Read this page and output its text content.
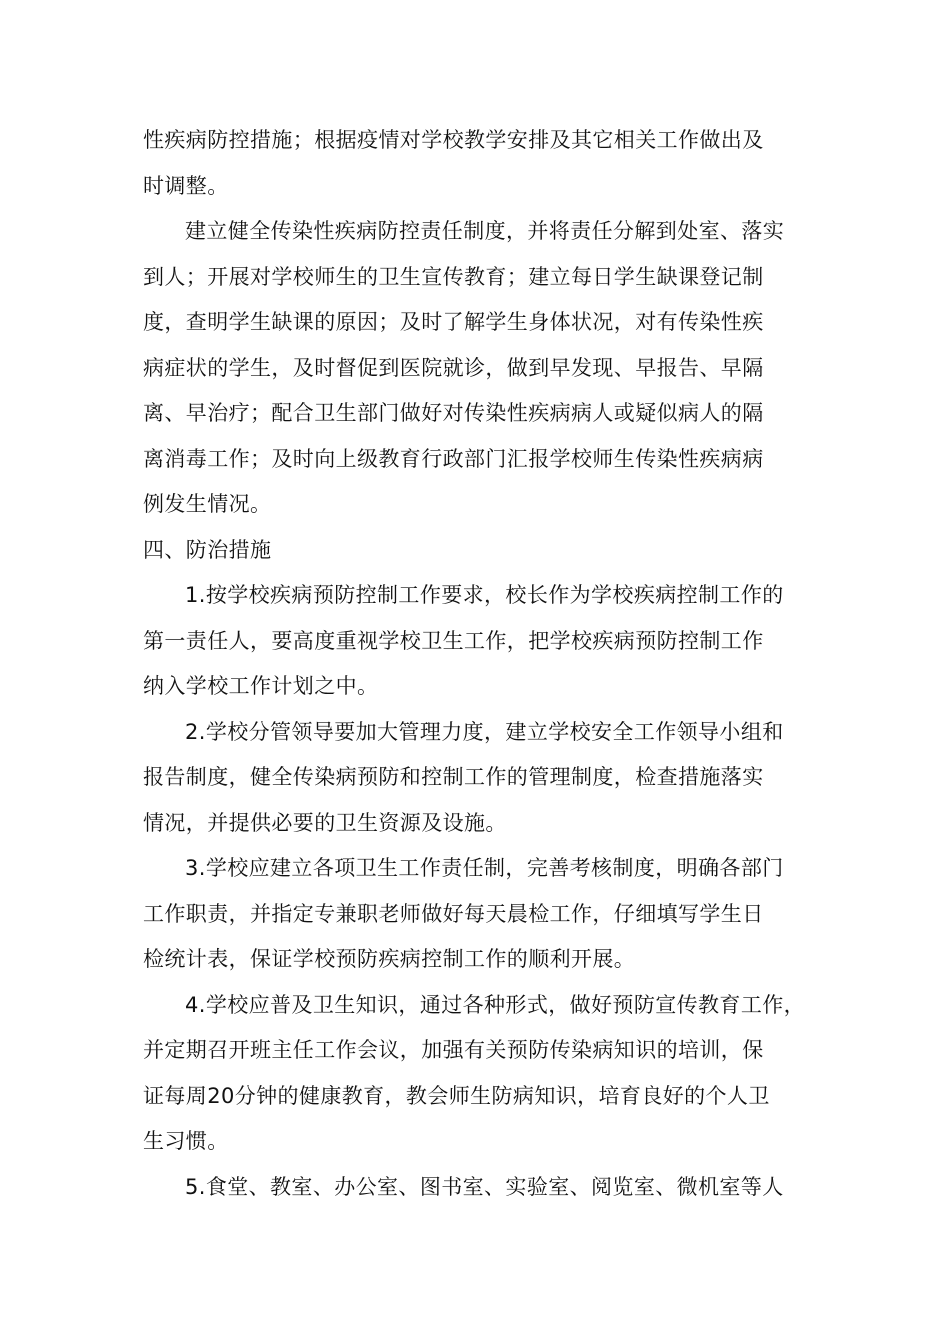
性疾病防控措施；根据疫情对学校教学安排及其它相关工作做出及
时调整。

建立健全传染性疾病防控责任制度，并将责任分解到处室、落实
到人；开展对学校师生的卫生宣传教育；建立每日学生缺课登记制
度，查明学生缺课的原因；及时了解学生身体状况，对有传染性疾
病症状的学生，及时督促到医院就诊，做到早发现、早报告、早隔
离、早治疗；配合卫生部门做好对传染性疾病病人或疑似病人的隔
离消毒工作；及时向上级教育行政部门汇报学校师生传染性疾病病
例发生情况。

四、防治措施

1.按学校疾病预防控制工作要求，校长作为学校疾病控制工作的
第一责任人，要高度重视学校卫生工作，把学校疾病预防控制工作
纳入学校工作计划之中。

2.学校分管领导要加大管理力度，建立学校安全工作领导小组和
报告制度，健全传染病预防和控制工作的管理制度，检查措施落实
情况，并提供必要的卫生资源及设施。

3.学校应建立各项卫生工作责任制，完善考核制度，明确各部门
工作职责，并指定专兼职老师做好每天晨检工作，仔细填写学生日
检统计表，保证学校预防疾病控制工作的顺利开展。

4.学校应普及卫生知识，通过各种形式，做好预防宣传教育工作，
并定期召开班主任工作会议，加强有关预防传染病知识的培训，保
证每周20分钟的健康教育，教会师生防病知识，培育良好的个人卫
生习惯。

5.食堂、教室、办公室、图书室、实验室、阅览室、微机室等人
